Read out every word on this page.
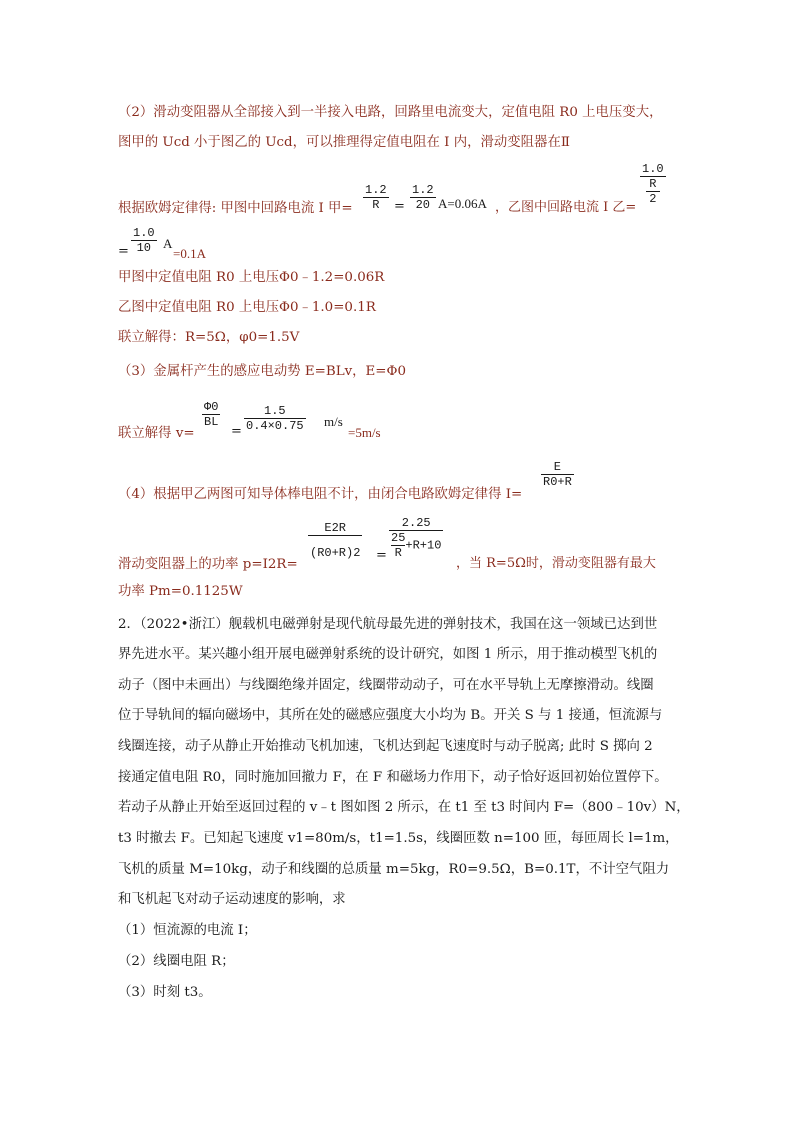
（2）滑动变阻器从全部接入到一半接入电路，回路里电流变大，定值电阻 R0 上电压变大，
图甲的 Ucd 小于图乙的 Ucd，可以推理得定值电阻在 I 内，滑动变阻器在Ⅱ
根据欧姆定律得: 甲图中回路电流 I 甲= $\frac{1.2}{R} = \frac{1.2}{20} A=0.06A$ ，乙图中回路电流 I 乙=
1.0
R
2
= $\frac{1.0}{10}$ A
=0.1A
甲图中定值电阻 R0 上电压Φ0﹣1.2=0.06R
乙图中定值电阻 R0 上电压Φ0﹣1.0=0.1R
联立解得：R=5Ω，φ0=1.5V
（3）金属杆产生的感应电动势 E=BLv，E=Φ0
联立解得 v=
$\frac{\Phi 0}{BL}$
= $\frac{1.5}{0.4\times 0.75} m/s$
=5m/s
（4）根据甲乙两图可知导体棒电阻不计，由闭合电路欧姆定律得 I=
$\frac{E}{R0+R}$
滑动变阻器上的功率 p=I2R=
$\frac{E2R}{(R0+R)2} = \frac{2.25}{\frac{25}{R} +R+10}$
，当 R=5Ω时，滑动变阻器有最大
功率 Pm=0.1125W
2．（2022•浙江）舰载机电磁弹射是现代航母最先进的弹射技术，我国在这一领域已达到世
界先进水平。某兴趣小组开展电磁弹射系统的设计研究，如图 1 所示，用于推动模型飞机的
动子（图中未画出）与线圈绝缘并固定，线圈带动动子，可在水平导轨上无摩擦滑动。线圈
位于导轨间的辐向磁场中，其所在处的磁感应强度大小均为 B。开关 S 与 1 接通，恒流源与
线圈连接，动子从静止开始推动飞机加速，飞机达到起飞速度时与动子脱离; 此时 S 掷向 2
接通定值电阻 R0，同时施加回撤力 F，在 F 和磁场力作用下，动子恰好返回初始位置停下。
若动子从静止开始至返回过程的 v﹣t 图如图 2 所示，在 t1 至 t3 时间内 F=（800﹣10v）N，
t3 时撤去 F。已知起飞速度 v1=80m/s，t1=1.5s，线圈匝数 n=100 匝，每匝周长 l=1m，
飞机的质量 M=10kg，动子和线圈的总质量 m=5kg，R0=9.5Ω，B=0.1T，不计空气阻力
和飞机起飞对动子运动速度的影响，求
（1）恒流源的电流 I；
（2）线圈电阻 R；
（3）时刻 t3。
